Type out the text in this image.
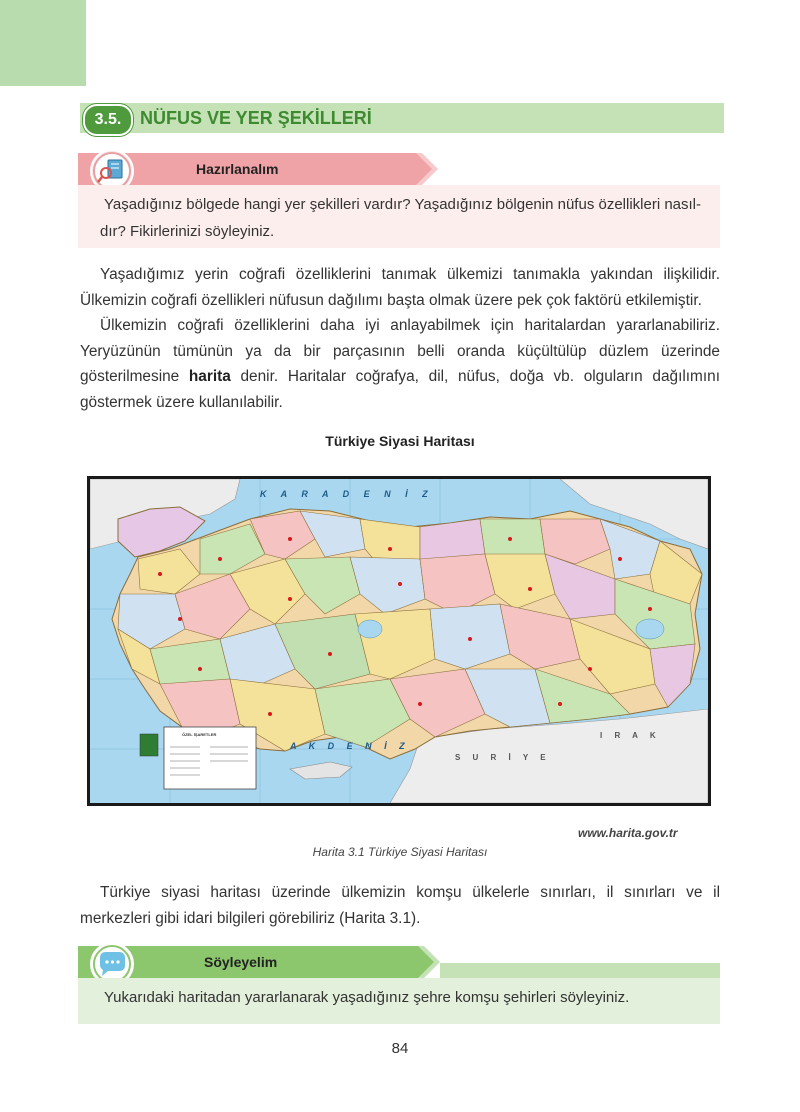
3.5.	NÜFUS VE YER ŞEKİLLERİ
Hazırlanalım
Yaşadığınız bölgede hangi yer şekilleri vardır? Yaşadığınız bölgenin nüfus özellikleri nasıl-dır? Fikirlerinizi söyleyiniz.

Yaşadığımız yerin coğrafi özelliklerini tanımak ülkemizi tanımakla yakından ilişkilidir. Ülkemizin coğrafi özellikleri nüfusun dağılımı başta olmak üzere pek çok faktörü etkilemiştir.

Ülkemizin coğrafi özelliklerini daha iyi anlayabilmek için haritalardan yararlanabiliriz. Yeryüzünün tümünün ya da bir parçasının belli oranda küçültülüp düzlem üzerinde gösterilmesine harita denir. Haritalar coğrafya, dil, nüfus, doğa vb. olguların dağılımını göstermek üzere kullanılabilir.

Türkiye Siyasi Haritası
K A R A D E N İ Z
A K D E N İ Z
S U R İ Y E
I R A K
ÖZEL İŞARETLER
www.harita.gov.tr
Harita 3.1 Türkiye Siyasi Haritası

Türkiye siyasi haritası üzerinde ülkemizin komşu ülkelerle sınırları, il sınırları ve il merkezleri gibi idari bilgileri görebiliriz (Harita 3.1).

Söyleyelim
Yukarıdaki haritadan yararlanarak yaşadığınız şehre komşu şehirleri söyleyiniz.
84
